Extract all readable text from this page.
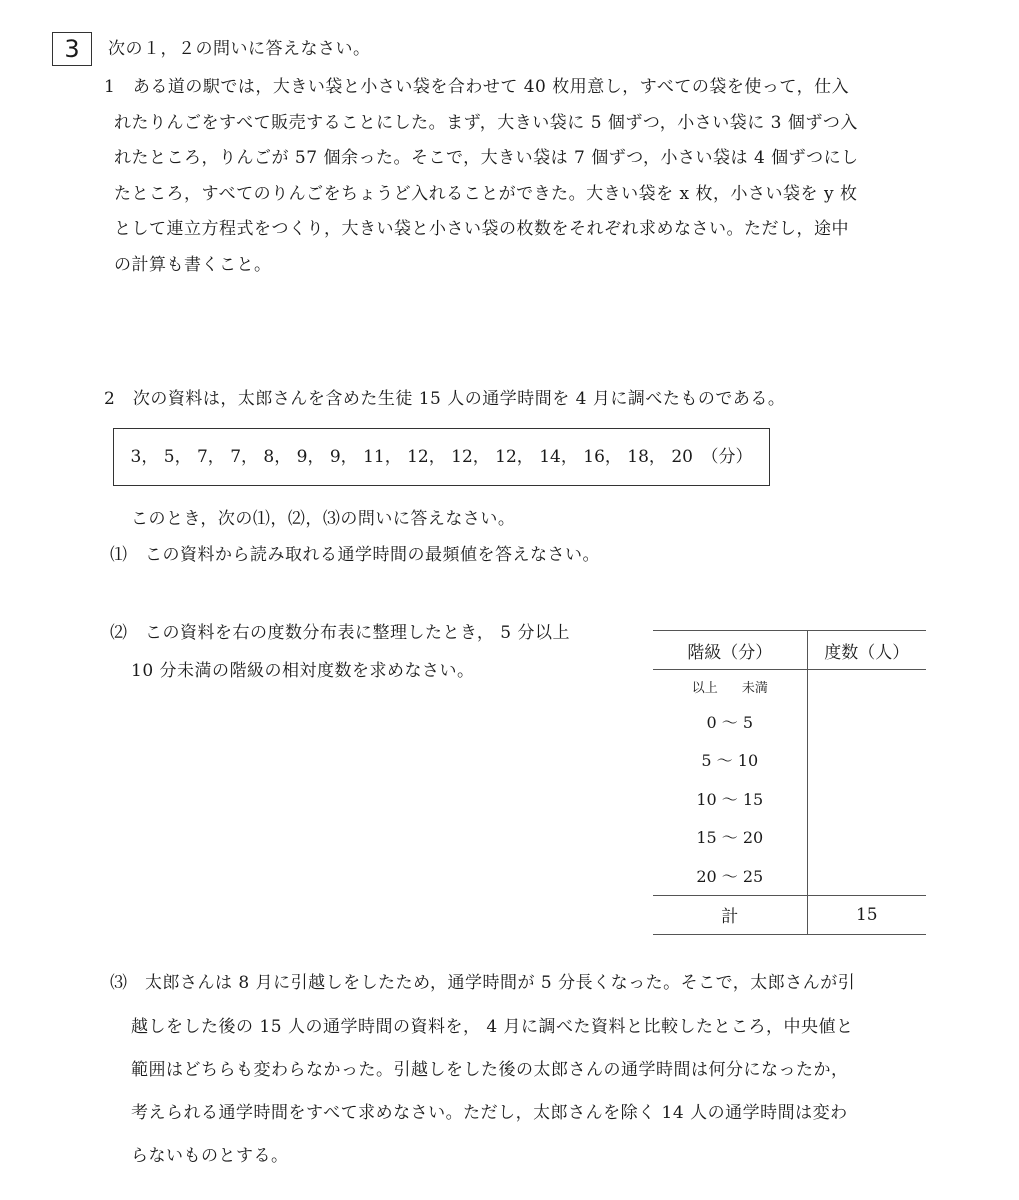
3	次の１，２の問いに答えなさい。
1　ある道の駅では，大きい袋と小さい袋を合わせて 40 枚用意し，すべての袋を使って，仕入
れたりんごをすべて販売することにした。まず，大きい袋に 5 個ずつ，小さい袋に 3 個ずつ入
れたところ，りんごが 57 個余った。そこで，大きい袋は 7 個ずつ，小さい袋は 4 個ずつにし
たところ，すべてのりんごをちょうど入れることができた。大きい袋を x 枚，小さい袋を y 枚
として連立方程式をつくり，大きい袋と小さい袋の枚数をそれぞれ求めなさい。ただし，途中
の計算も書くこと。
2　次の資料は，太郎さんを含めた生徒 15 人の通学時間を 4 月に調べたものである。
3， 5， 7， 7， 8， 9， 9， 11， 12， 12， 12， 14， 16， 18， 20　（分）
このとき，次の⑴，⑵，⑶の問いに答えなさい。
⑴　この資料から読み取れる通学時間の最頻値を答えなさい。
⑵　この資料を右の度数分布表に整理したとき， 5 分以上
10 分未満の階級の相対度数を求めなさい。
階級（分）	度数（人）
以上 未満	
0 ～ 5	
5 ～ 10	
10 ～ 15	
15 ～ 20	
20 ～ 25	
計	15
⑶　太郎さんは 8 月に引越しをしたため，通学時間が 5 分長くなった。そこで，太郎さんが引
越しをした後の 15 人の通学時間の資料を， 4 月に調べた資料と比較したところ，中央値と
範囲はどちらも変わらなかった。引越しをした後の太郎さんの通学時間は何分になったか，
考えられる通学時間をすべて求めなさい。ただし，太郎さんを除く 14 人の通学時間は変わ
らないものとする。
